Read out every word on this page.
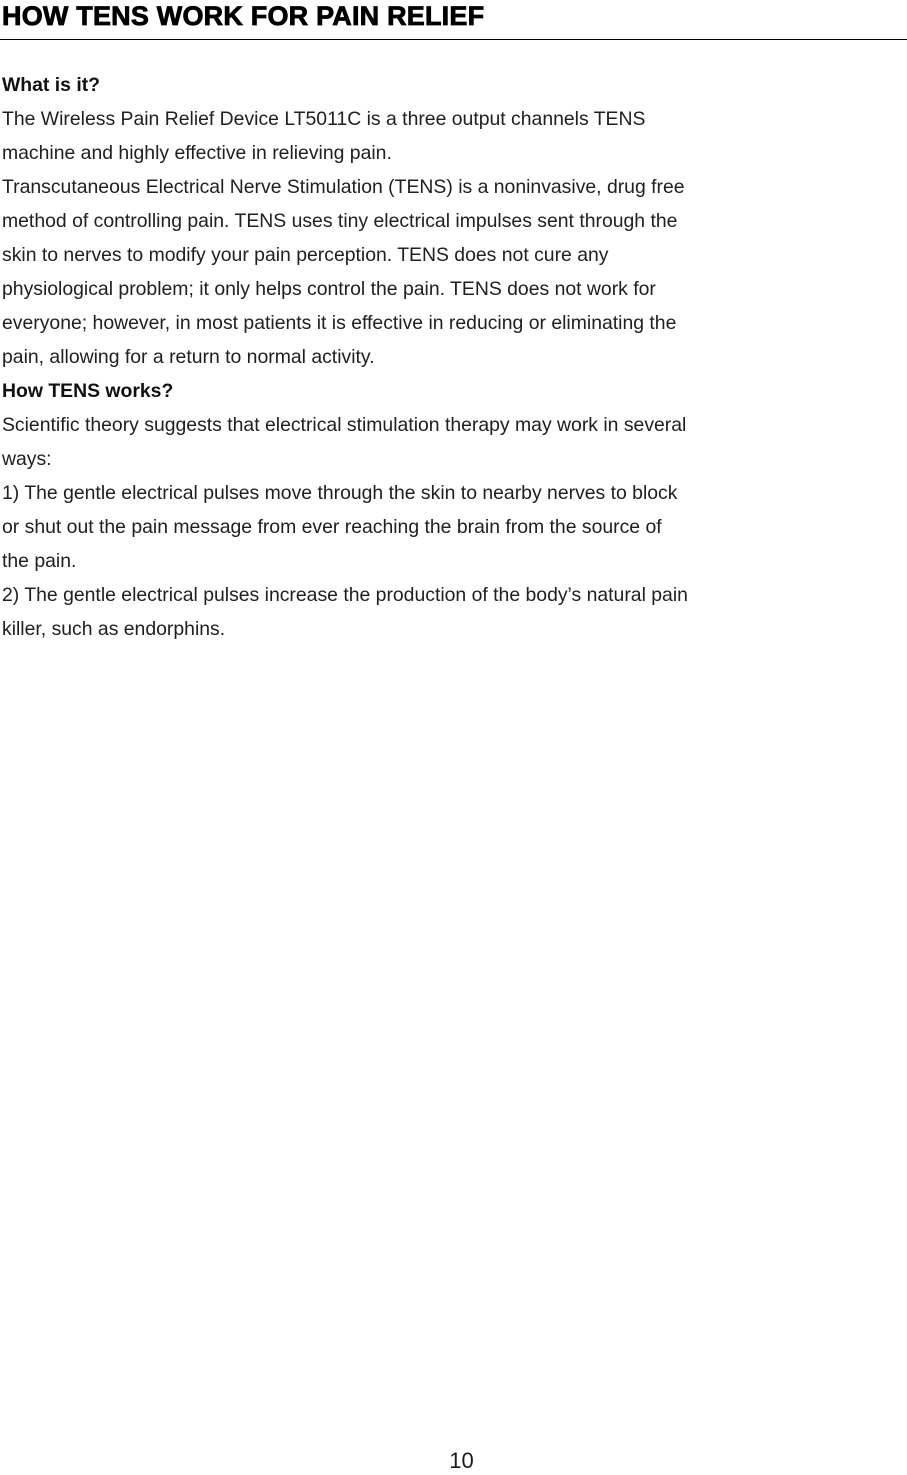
HOW TENS WORK FOR PAIN RELIEF

What is it?

The Wireless Pain Relief Device LT5011C is a three output channels TENS
machine and highly effective in relieving pain.

Transcutaneous Electrical Nerve Stimulation (TENS) is a noninvasive, drug free
method of controlling pain. TENS uses tiny electrical impulses sent through the
skin to nerves to modify your pain perception. TENS does not cure any
physiological problem; it only helps control the pain. TENS does not work for
everyone; however, in most patients it is effective in reducing or eliminating the
pain, allowing for a return to normal activity.

How TENS works?

Scientific theory suggests that electrical stimulation therapy may work in several
ways:

1) The gentle electrical pulses move through the skin to nearby nerves to block
or shut out the pain message from ever reaching the brain from the source of
the pain.

2) The gentle electrical pulses increase the production of the body’s natural pain
killer, such as endorphins.

10
